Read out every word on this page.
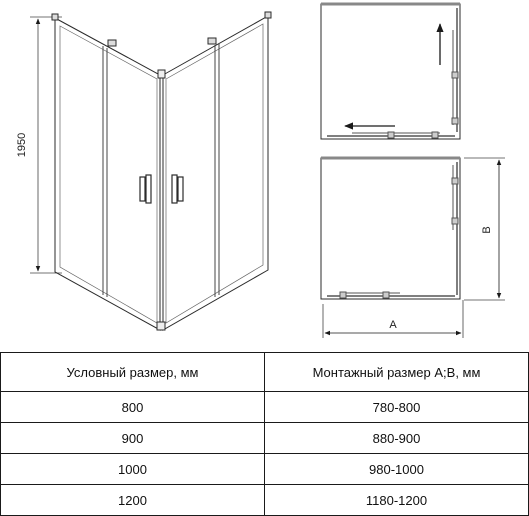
1950
A
B
Условный размер, мм	Монтажный размер A;B, мм
800	780-800
900	880-900
1000	980-1000
1200	1180-1200
